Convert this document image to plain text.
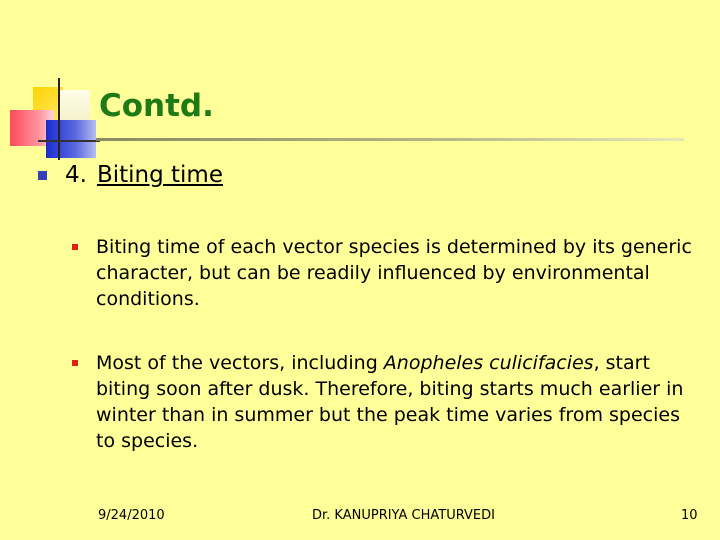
Contd.
4. Biting time
Biting time of each vector species is determined by its generic character, but can be readily influenced by environmental conditions.
Most of the vectors, including Anopheles culicifacies, start biting soon after dusk. Therefore, biting starts much earlier in winter than in summer but the peak time varies from species to species.
9/24/2010	Dr. KANUPRIYA CHATURVEDI	10
